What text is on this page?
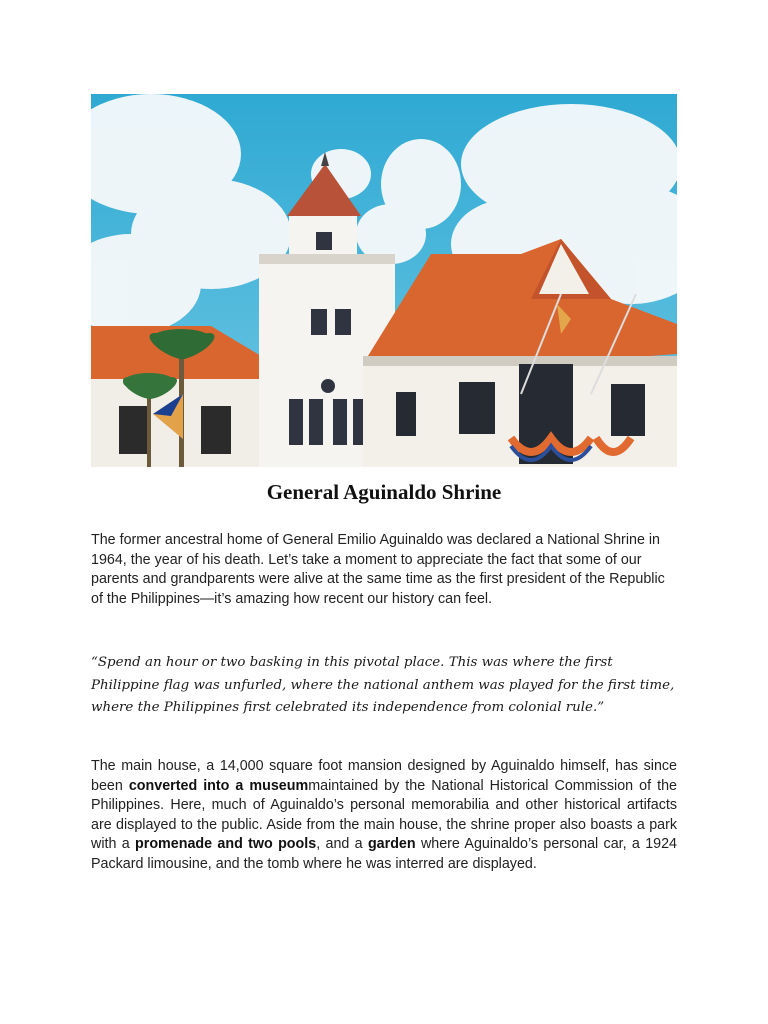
General Aguinaldo Shrine

The former ancestral home of General Emilio Aguinaldo was declared a National Shrine in 1964, the year of his death. Let’s take a moment to appreciate the fact that some of our parents and grandparents were alive at the same time as the first president of the Republic of the Philippines—it’s amazing how recent our history can feel.

“Spend an hour or two basking in this pivotal place. This was where the first Philippine flag was unfurled, where the national anthem was played for the first time, where the Philippines first celebrated its independence from colonial rule.”

The main house, a 14,000 square foot mansion designed by Aguinaldo himself, has since been converted into a museummaintained by the National Historical Commission of the Philippines. Here, much of Aguinaldo’s personal memorabilia and other historical artifacts are displayed to the public. Aside from the main house, the shrine proper also boasts a park with a promenade and two pools, and a garden where Aguinaldo’s personal car, a 1924 Packard limousine, and the tomb where he was interred are displayed.
